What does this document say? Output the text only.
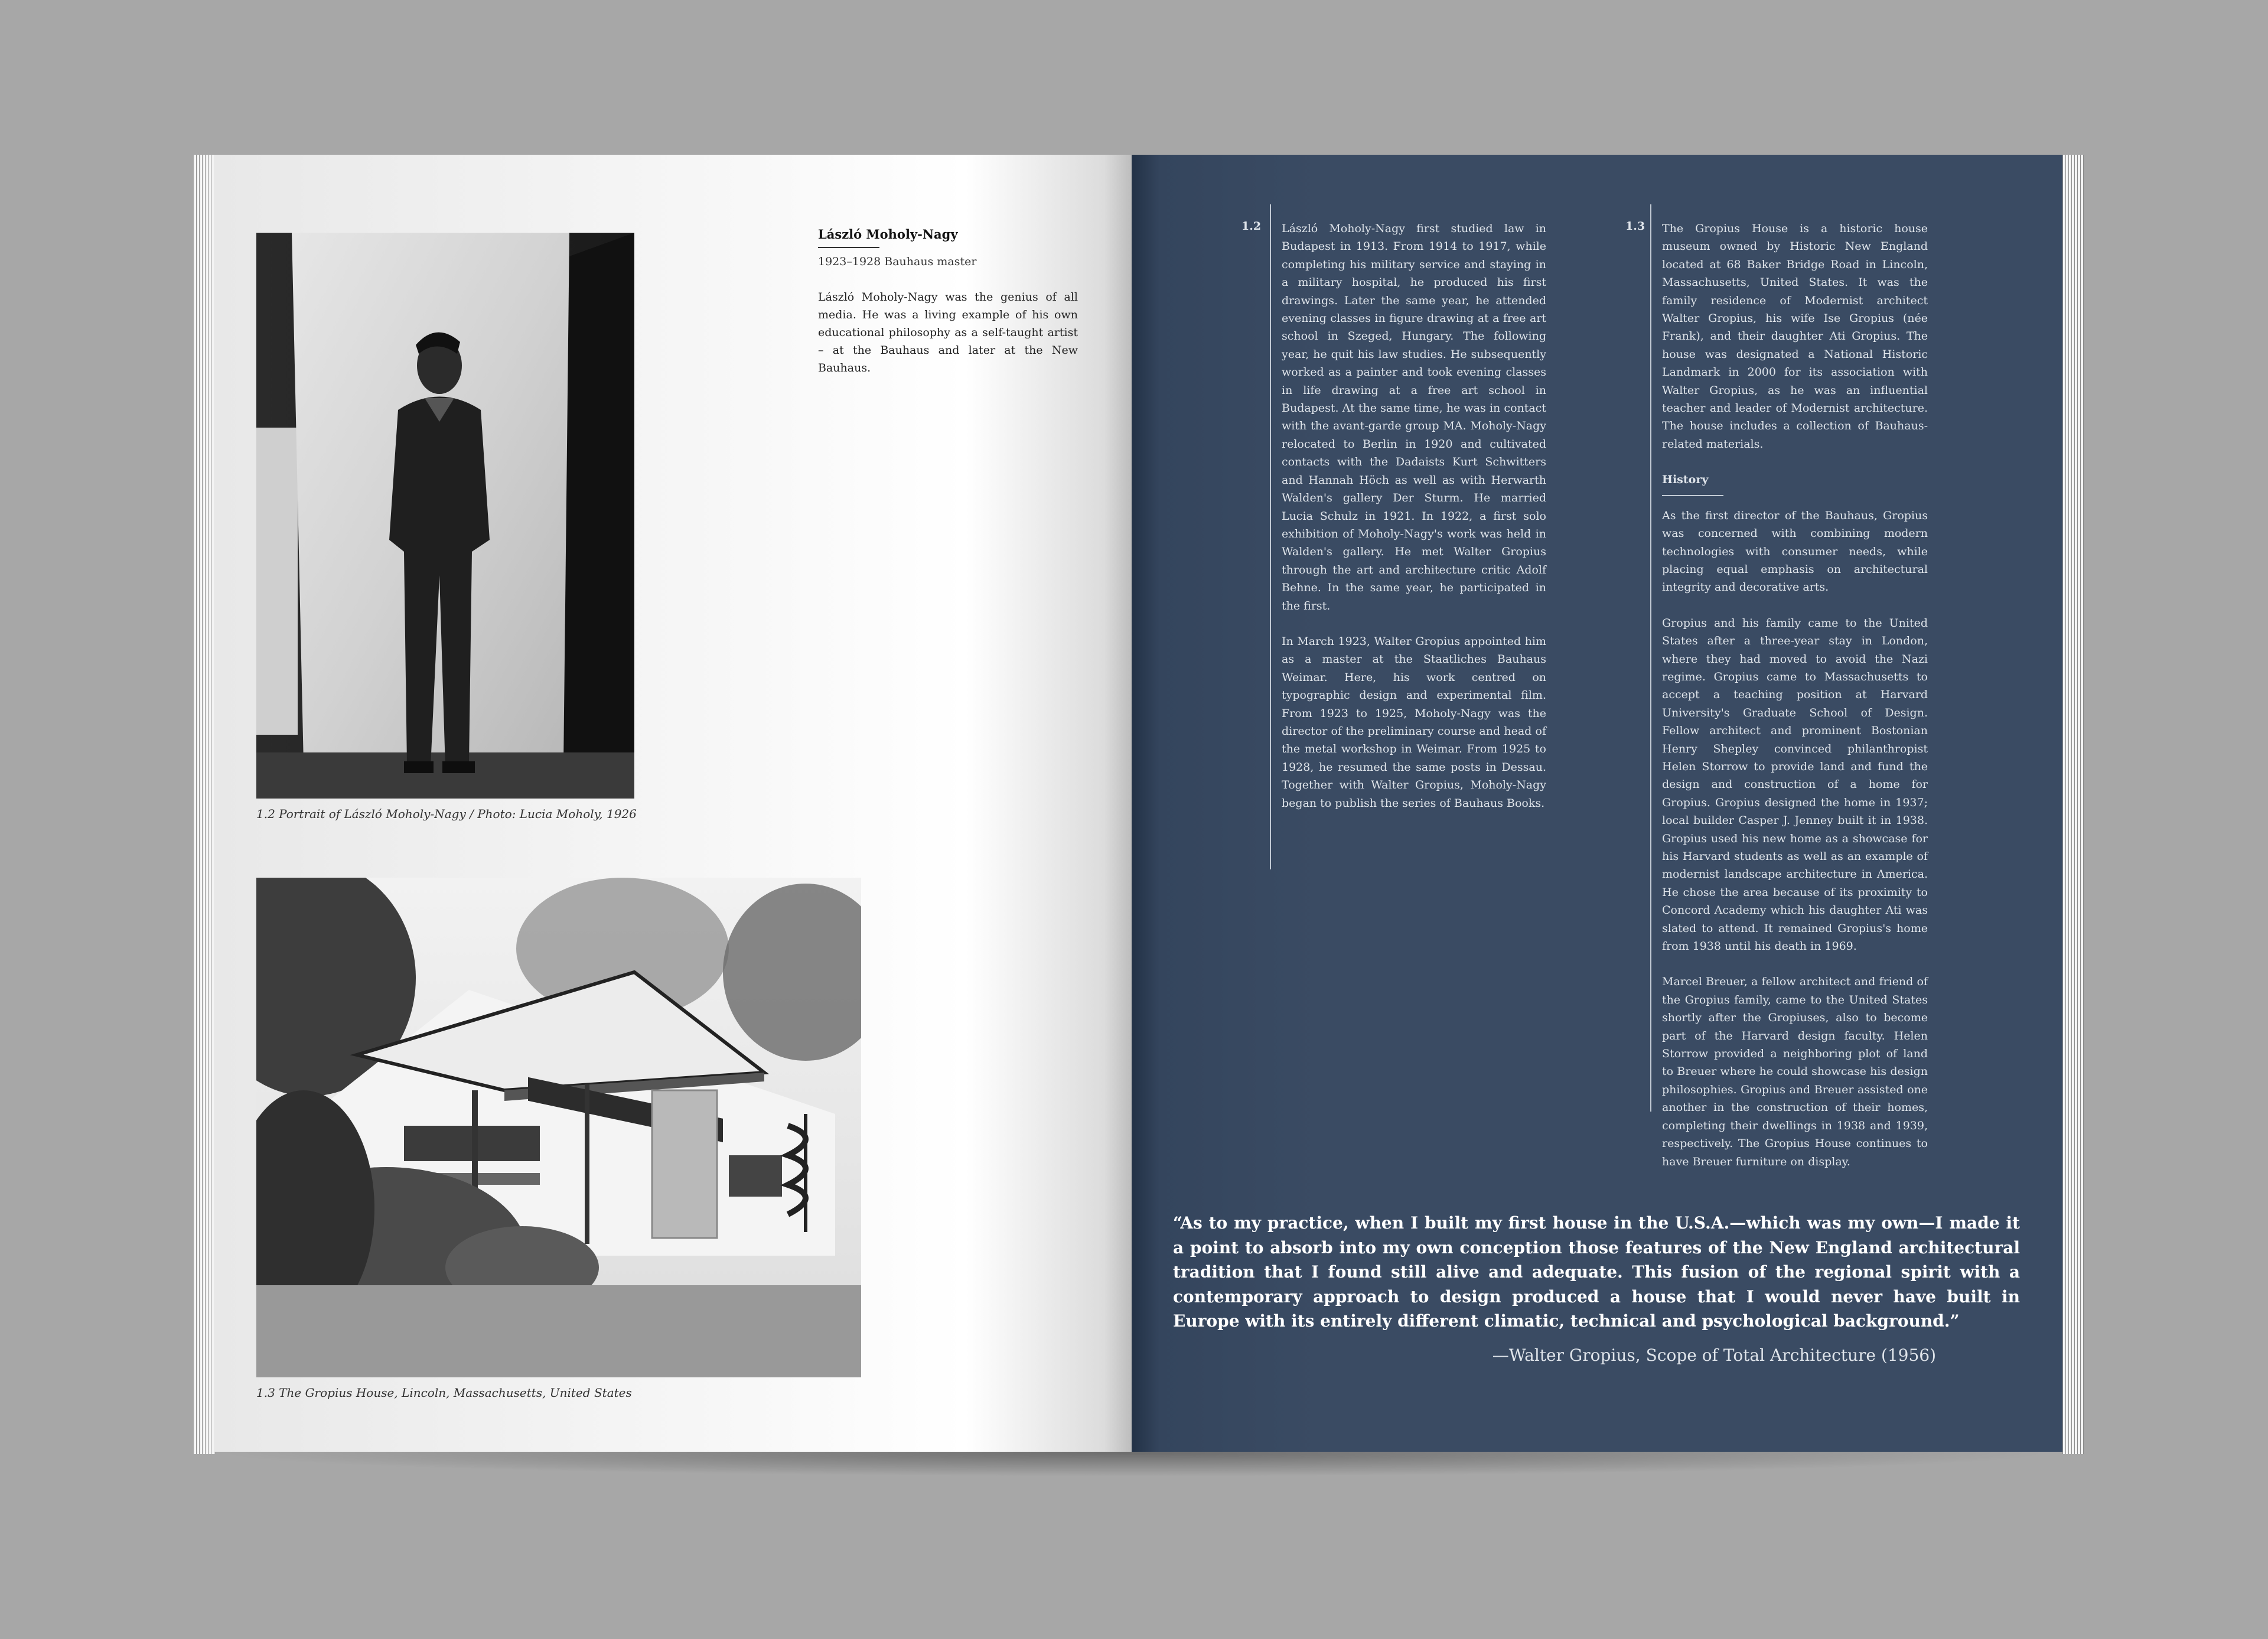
1.2 Portrait of László Moholy-Nagy / Photo: Lucia Moholy, 1926
1.3 The Gropius House, Lincoln, Massachusetts, United States
László Moholy-Nagy
1923–1928 Bauhaus master

László Moholy-Nagy was the genius of all media. He was a living example of his own educational philosophy as a self-taught artist – at the Bauhaus and later at the New Bauhaus.

1.2 László Moholy-Nagy first studied law in Budapest in 1913. From 1914 to 1917, while completing his military service and staying in a military hospital, he produced his first drawings. Later the same year, he attended evening classes in figure drawing at a free art school in Szeged, Hungary. The following year, he quit his law studies. He subsequently worked as a painter and took evening classes in life drawing at a free art school in Budapest. At the same time, he was in contact with the avant-garde group MA. Moholy-Nagy relocated to Berlin in 1920 and cultivated contacts with the Dadaists Kurt Schwitters and Hannah Höch as well as with Herwarth Walden's gallery Der Sturm. He married Lucia Schulz in 1921. In 1922, a first solo exhibition of Moholy-Nagy's work was held in Walden's gallery. He met Walter Gropius through the art and architecture critic Adolf Behne. In the same year, he participated in the first.

In March 1923, Walter Gropius appointed him as a master at the Staatliches Bauhaus Weimar. Here, his work centred on typographic design and experimental film. From 1923 to 1925, Moholy-Nagy was the director of the preliminary course and head of the metal workshop in Weimar. From 1925 to 1928, he resumed the same posts in Dessau. Together with Walter Gropius, Moholy-Nagy began to publish the series of Bauhaus Books.

1.3 The Gropius House is a historic house museum owned by Historic New England located at 68 Baker Bridge Road in Lincoln, Massachusetts, United States. It was the family residence of Modernist architect Walter Gropius, his wife Ise Gropius (née Frank), and their daughter Ati Gropius. The house was designated a National Historic Landmark in 2000 for its association with Walter Gropius, as he was an influential teacher and leader of Modernist architecture. The house includes a collection of Bauhaus-related materials.

History

As the first director of the Bauhaus, Gropius was concerned with combining modern technologies with consumer needs, while placing equal emphasis on architectural integrity and decorative arts.

Gropius and his family came to the United States after a three-year stay in London, where they had moved to avoid the Nazi regime. Gropius came to Massachusetts to accept a teaching position at Harvard University's Graduate School of Design. Fellow architect and prominent Bostonian Henry Shepley convinced philanthropist Helen Storrow to provide land and fund the design and construction of a home for Gropius. Gropius designed the home in 1937; local builder Casper J. Jenney built it in 1938. Gropius used his new home as a showcase for his Harvard students as well as an example of modernist landscape architecture in America. He chose the area because of its proximity to Concord Academy which his daughter Ati was slated to attend. It remained Gropius's home from 1938 until his death in 1969.

Marcel Breuer, a fellow architect and friend of the Gropius family, came to the United States shortly after the Gropiuses, also to become part of the Harvard design faculty. Helen Storrow provided a neighboring plot of land to Breuer where he could showcase his design philosophies. Gropius and Breuer assisted one another in the construction of their homes, completing their dwellings in 1938 and 1939, respectively. The Gropius House continues to have Breuer furniture on display.

“As to my practice, when I built my first house in the U.S.A.—which was my own—I made it a point to absorb into my own conception those features of the New England architectural tradition that I found still alive and adequate. This fusion of the regional spirit with a contemporary approach to design produced a house that I would never have built in Europe with its entirely different climatic, technical and psychological background.”

—Walter Gropius, Scope of Total Architecture (1956)
